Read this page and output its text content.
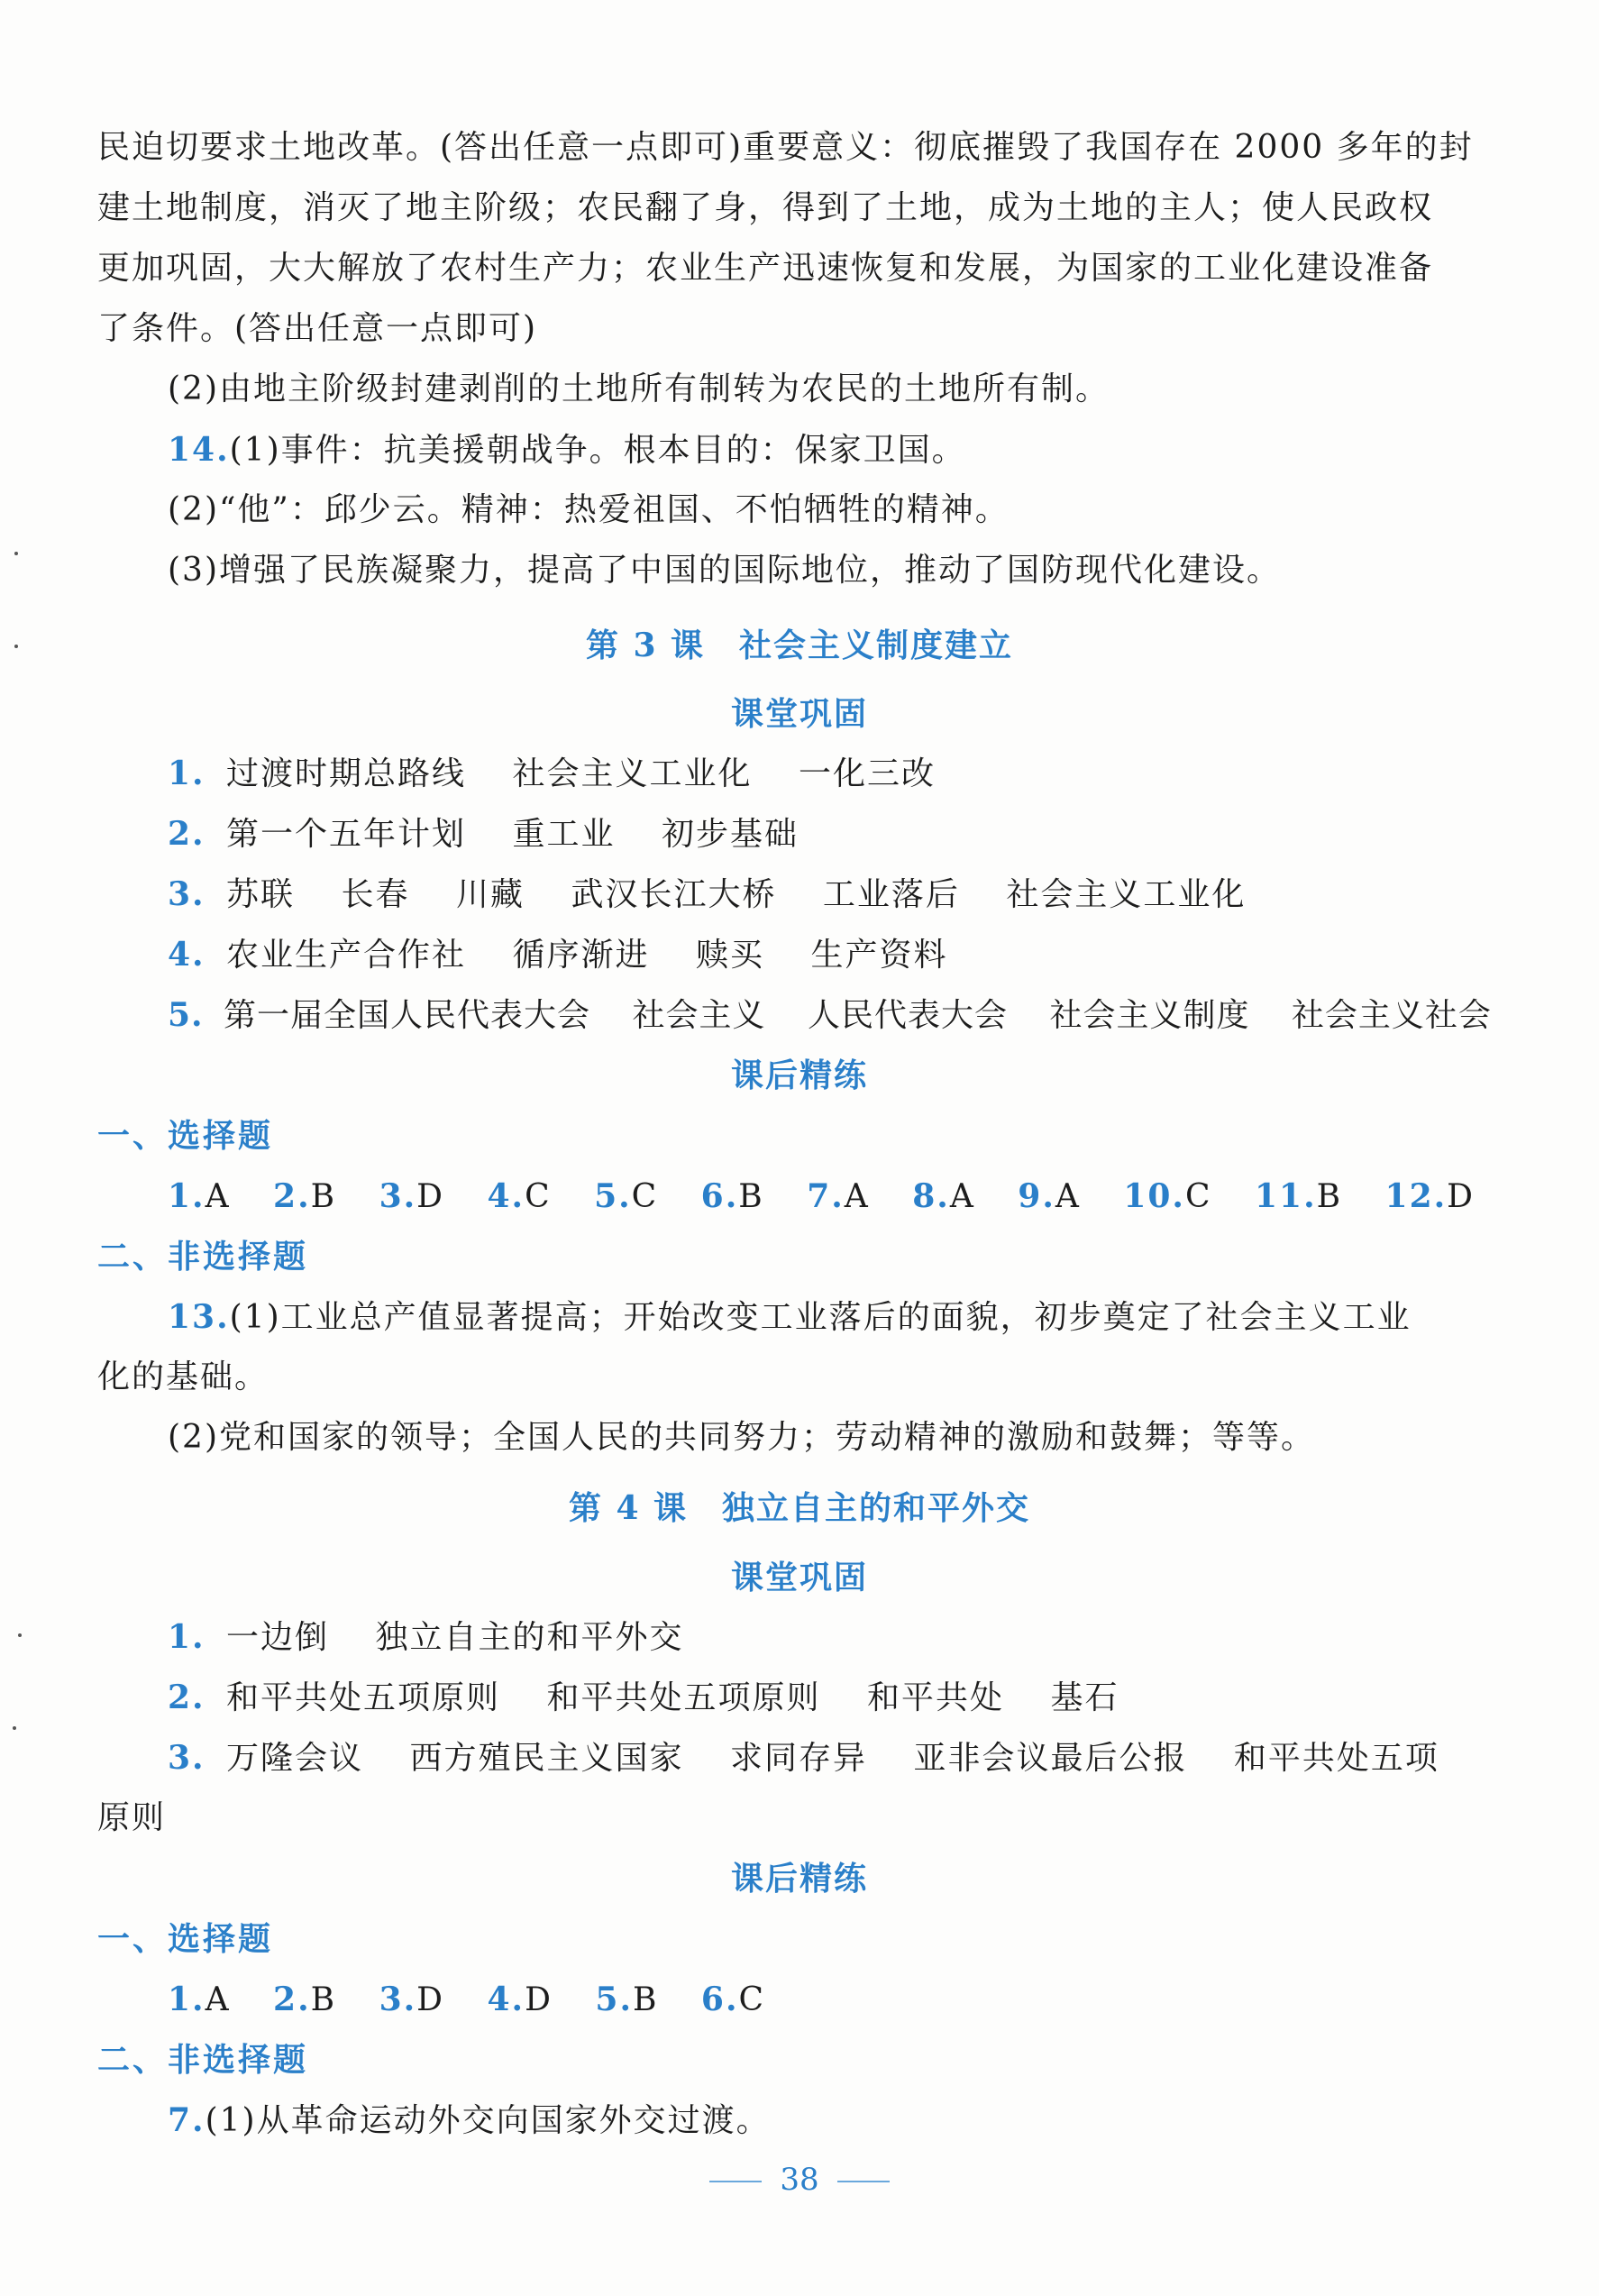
民迫切要求土地改革。(答出任意一点即可)重要意义：彻底摧毁了我国存在 2000 多年的封
建土地制度，消灭了地主阶级；农民翻了身，得到了土地，成为土地的主人；使人民政权
更加巩固，大大解放了农村生产力；农业生产迅速恢复和发展，为国家的工业化建设准备
了条件。(答出任意一点即可)
(2)由地主阶级封建剥削的土地所有制转为农民的土地所有制。
14.(1)事件：抗美援朝战争。根本目的：保家卫国。
(2)“他”：邱少云。精神：热爱祖国、不怕牺牲的精神。
(3)增强了民族凝聚力，提高了中国的国际地位，推动了国防现代化建设。
第 3 课　社会主义制度建立
课堂巩固
1. 过渡时期总路线 社会主义工业化 一化三改
2. 第一个五年计划 重工业 初步基础
3. 苏联 长春 川藏 武汉长江大桥 工业落后 社会主义工业化
4. 农业生产合作社 循序渐进 赎买 生产资料
5. 第一届全国人民代表大会 社会主义 人民代表大会 社会主义制度 社会主义社会
课后精练
一、选择题
1.A 2.B 3.D 4.C 5.C 6.B 7.A 8.A 9.A 10.C 11.B 12.D
二、非选择题
13.(1)工业总产值显著提高；开始改变工业落后的面貌，初步奠定了社会主义工业
化的基础。
(2)党和国家的领导；全国人民的共同努力；劳动精神的激励和鼓舞；等等。
第 4 课　独立自主的和平外交
课堂巩固
1. 一边倒 独立自主的和平外交
2. 和平共处五项原则 和平共处五项原则 和平共处 基石
3. 万隆会议 西方殖民主义国家 求同存异 亚非会议最后公报 和平共处五项
原则
课后精练
一、选择题
1.A 2.B 3.D 4.D 5.B 6.C
二、非选择题
7.(1)从革命运动外交向国家外交过渡。
38
